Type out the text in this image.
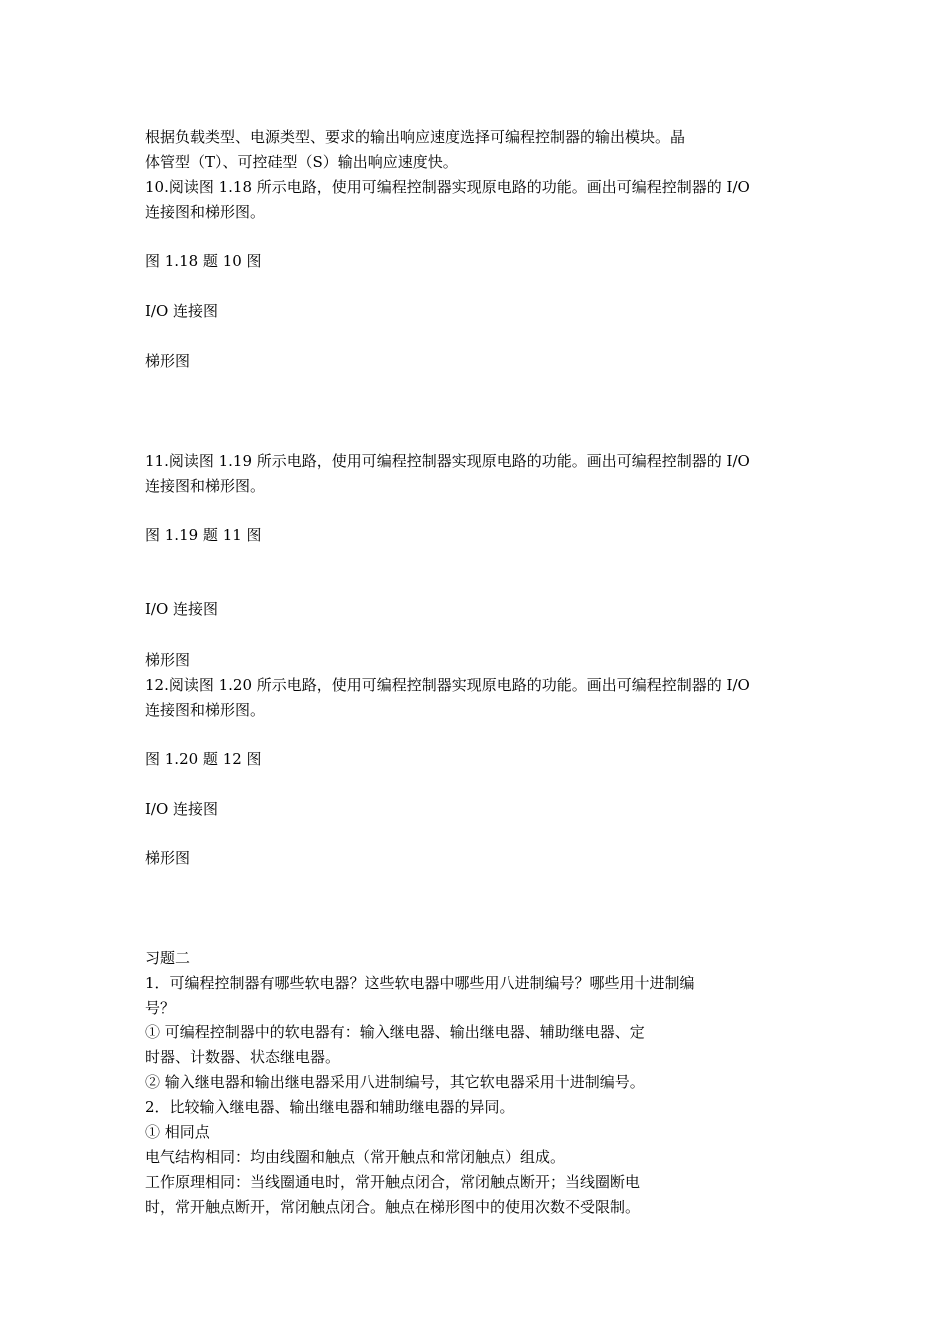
根据负载类型、电源类型、要求的输出响应速度选择可编程控制器的输出模块。晶
体管型（T）、可控硅型（S）输出响应速度快。
10.阅读图 1.18 所示电路，使用可编程控制器实现原电路的功能。画出可编程控制器的 I/O
连接图和梯形图。
图 1.18 题 10 图
I/O 连接图
梯形图
11.阅读图 1.19 所示电路，使用可编程控制器实现原电路的功能。画出可编程控制器的 I/O
连接图和梯形图。
图 1.19 题 11 图
I/O 连接图
梯形图
12.阅读图 1.20 所示电路，使用可编程控制器实现原电路的功能。画出可编程控制器的 I/O
连接图和梯形图。
图 1.20 题 12 图
I/O 连接图
梯形图
习题二
1．可编程控制器有哪些软电器？这些软电器中哪些用八进制编号？哪些用十进制编
号？
① 可编程控制器中的软电器有：输入继电器、输出继电器、辅助继电器、定
时器、计数器、状态继电器。
② 输入继电器和输出继电器采用八进制编号，其它软电器采用十进制编号。
2．比较输入继电器、输出继电器和辅助继电器的异同。
① 相同点
电气结构相同：均由线圈和触点（常开触点和常闭触点）组成。
工作原理相同：当线圈通电时，常开触点闭合，常闭触点断开；当线圈断电
时，常开触点断开，常闭触点闭合。触点在梯形图中的使用次数不受限制。
